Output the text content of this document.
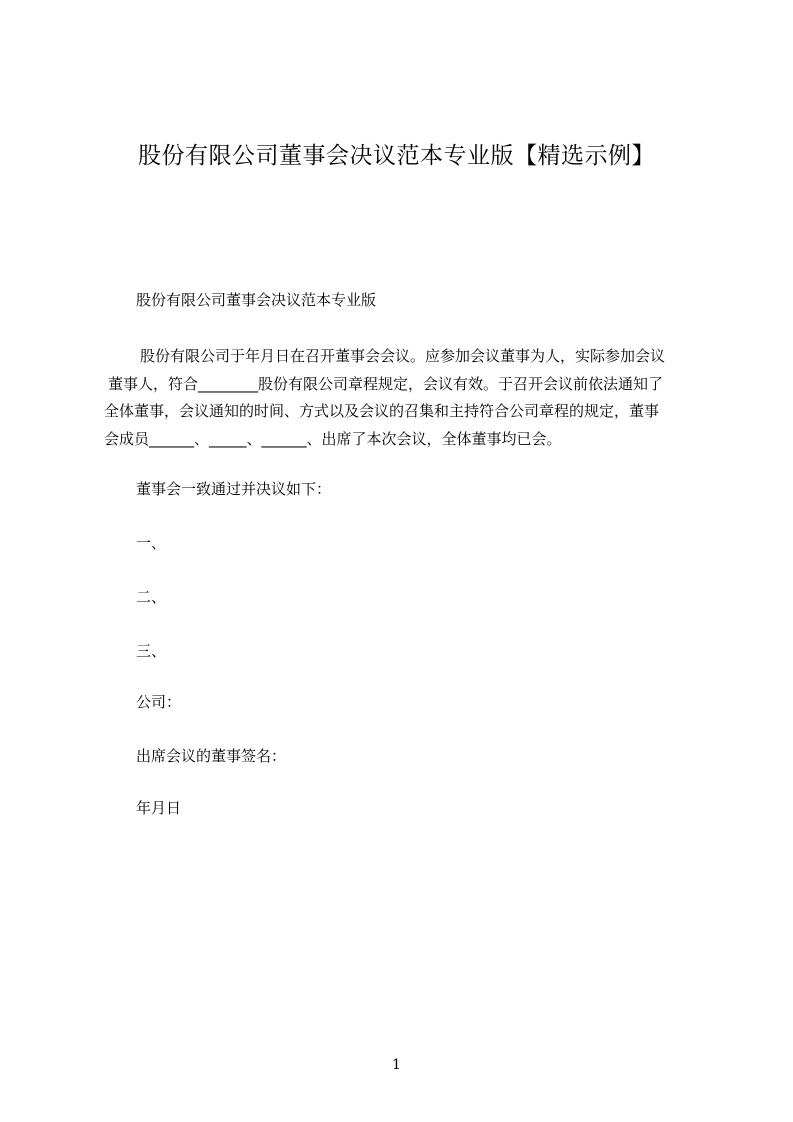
股份有限公司董事会决议范本专业版【精选示例】
股份有限公司董事会决议范本专业版
股份有限公司于年月日在召开董事会会议。应参加会议董事为人，实际参加会议
董事人，符合________股份有限公司章程规定，会议有效。于召开会议前依法通知了
全体董事，会议通知的时间、方式以及会议的召集和主持符合公司章程的规定，董事
会成员______、_____、______、出席了本次会议，全体董事均已会。
董事会一致通过并决议如下：
一、
二、
三、
公司：
出席会议的董事签名：
年月日
1
